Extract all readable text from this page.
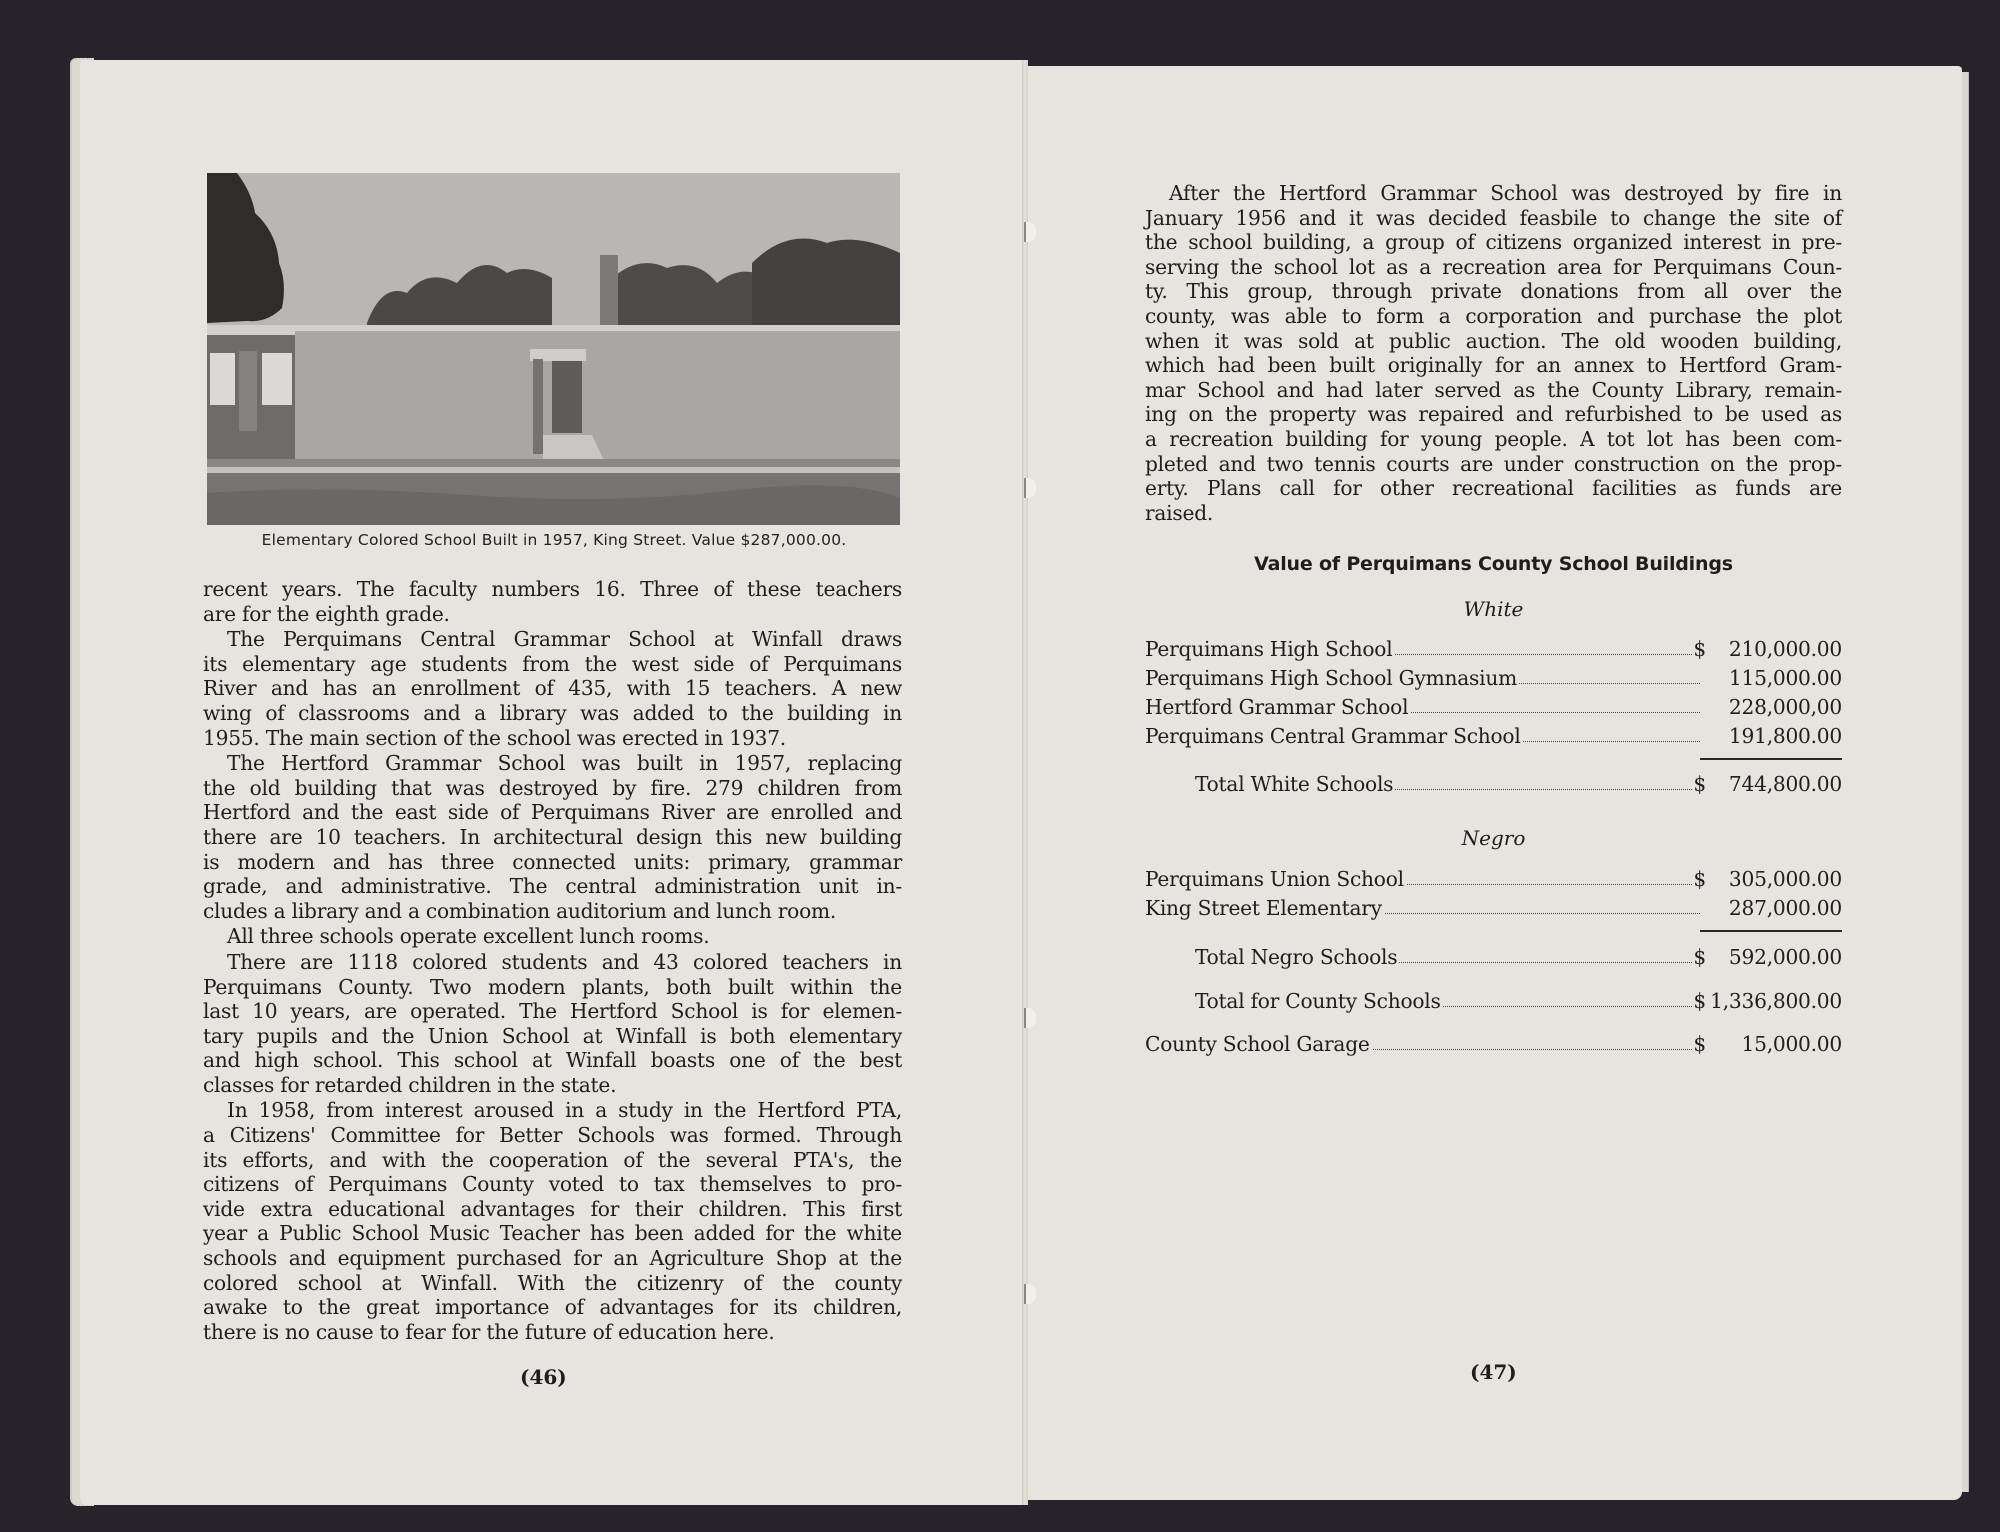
Elementary Colored School Built in 1957, King Street. Value $287,000.00.

recent years. The faculty numbers 16. Three of these teachers
are for the eighth grade.

The Perquimans Central Grammar School at Winfall draws
its elementary age students from the west side of Perquimans
River and has an enrollment of 435, with 15 teachers. A new
wing of classrooms and a library was added to the building in
1955. The main section of the school was erected in 1937.

The Hertford Grammar School was built in 1957, replacing
the old building that was destroyed by fire. 279 children from
Hertford and the east side of Perquimans River are enrolled and
there are 10 teachers. In architectural design this new building
is modern and has three connected units: primary, grammar
grade, and administrative. The central administration unit in-
cludes a library and a combination auditorium and lunch room.

All three schools operate excellent lunch rooms.

There are 1118 colored students and 43 colored teachers in
Perquimans County. Two modern plants, both built within the
last 10 years, are operated. The Hertford School is for elemen-
tary pupils and the Union School at Winfall is both elementary
and high school. This school at Winfall boasts one of the best
classes for retarded children in the state.

In 1958, from interest aroused in a study in the Hertford PTA,
a Citizens' Committee for Better Schools was formed. Through
its efforts, and with the cooperation of the several PTA's, the
citizens of Perquimans County voted to tax themselves to pro-
vide extra educational advantages for their children. This first
year a Public School Music Teacher has been added for the white
schools and equipment purchased for an Agriculture Shop at the
colored school at Winfall. With the citizenry of the county
awake to the great importance of advantages for its children,
there is no cause to fear for the future of education here.

(46)

After the Hertford Grammar School was destroyed by fire in
January 1956 and it was decided feasbile to change the site of
the school building, a group of citizens organized interest in pre-
serving the school lot as a recreation area for Perquimans Coun-
ty. This group, through private donations from all over the
county, was able to form a corporation and purchase the plot
when it was sold at public auction. The old wooden building,
which had been built originally for an annex to Hertford Gram-
mar School and had later served as the County Library, remain-
ing on the property was repaired and refurbished to be used as
a recreation building for young people. A tot lot has been com-
pleted and two tennis courts are under construction on the prop-
erty. Plans call for other recreational facilities as funds are
raised.

Value of Perquimans County School Buildings
White
Perquimans High School	$ 210,000.00
Perquimans High School Gymnasium	115,000.00
Hertford Grammar School	228,000,00
Perquimans Central Grammar School	191,800.00
Total White Schools	$ 744,800.00
Negro
Perquimans Union School	$ 305,000.00
King Street Elementary	287,000.00
Total Negro Schools	$ 592,000.00
Total for County Schools	$ 1,336,800.00
County School Garage	$ 15,000.00
(47)
